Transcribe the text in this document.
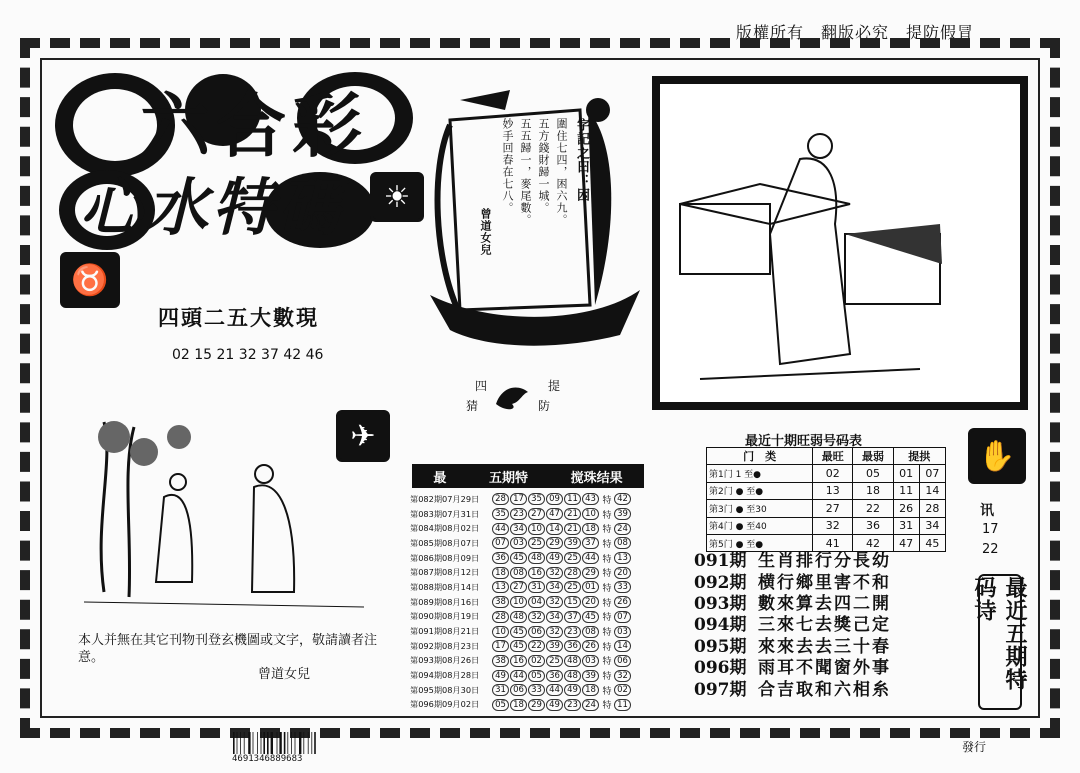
版權所有　翻版必究　提防假冒
六合彩
心水特碼	☀
♉
✈
四頭二五大數現
02 15 21 32 37 42 46
字記之曰：困
圍住七四，困六九。
五方錢財歸一城。
五五歸一，麥尾數。
妙手回春在七八。
曾道女兒
四	提
猜	防
本人并無在其它刊物刊登玄機圖或文字，敬請讀者注意。
曾道女兒
最	五期特	搅珠结果
第082期07月29日	28 17 35 09 11 43 特 42
第083期07月31日	35 23 27 47 21 10 特 39
第084期08月02日	44 34 10 14 21 18 特 24
第085期08月07日	07 03 25 29 39 37 特 08
第086期08月09日	36 45 48 49 25 44 特 13
第087期08月12日	18 08 16 32 28 29 特 20
第088期08月14日	13 27 31 34 25 01 特 33
第089期08月16日	38 10 04 32 15 20 特 26
第090期08月19日	28 48 32 34 37 45 特 07
第091期08月21日	10 45 06 32 23 08 特 03
第092期08月23日	17 45 22 39 36 26 特 14
第093期08月26日	38 16 02 25 48 03 特 06
第094期08月28日	49 44 05 36 48 39 特 32
第095期08月30日	31 06 33 44 49 18 特 02
第096期09月02日	05 18 29 49 23 24 特 11
最近十期旺弱号码表
门　类	最旺	最弱	提拱	
第1门 1 至●	02	05	01	07
第2门 ● 至●	13	18	11	14
第3门 ● 至30	27	22	26	28
第4门 ● 至40	32	36	31	34
第5门 ● 至●	41	42	47	45
091期 生肖排行分長幼
092期 横行鄉里害不和
093期 數來算去四二開
094期 三來七去獎己定
095期 來來去去三十春
096期 雨耳不聞窗外事
097期 合吉取和六相糸
✋
讯
17
22
最近五期特码诗
4691346889683
發行
